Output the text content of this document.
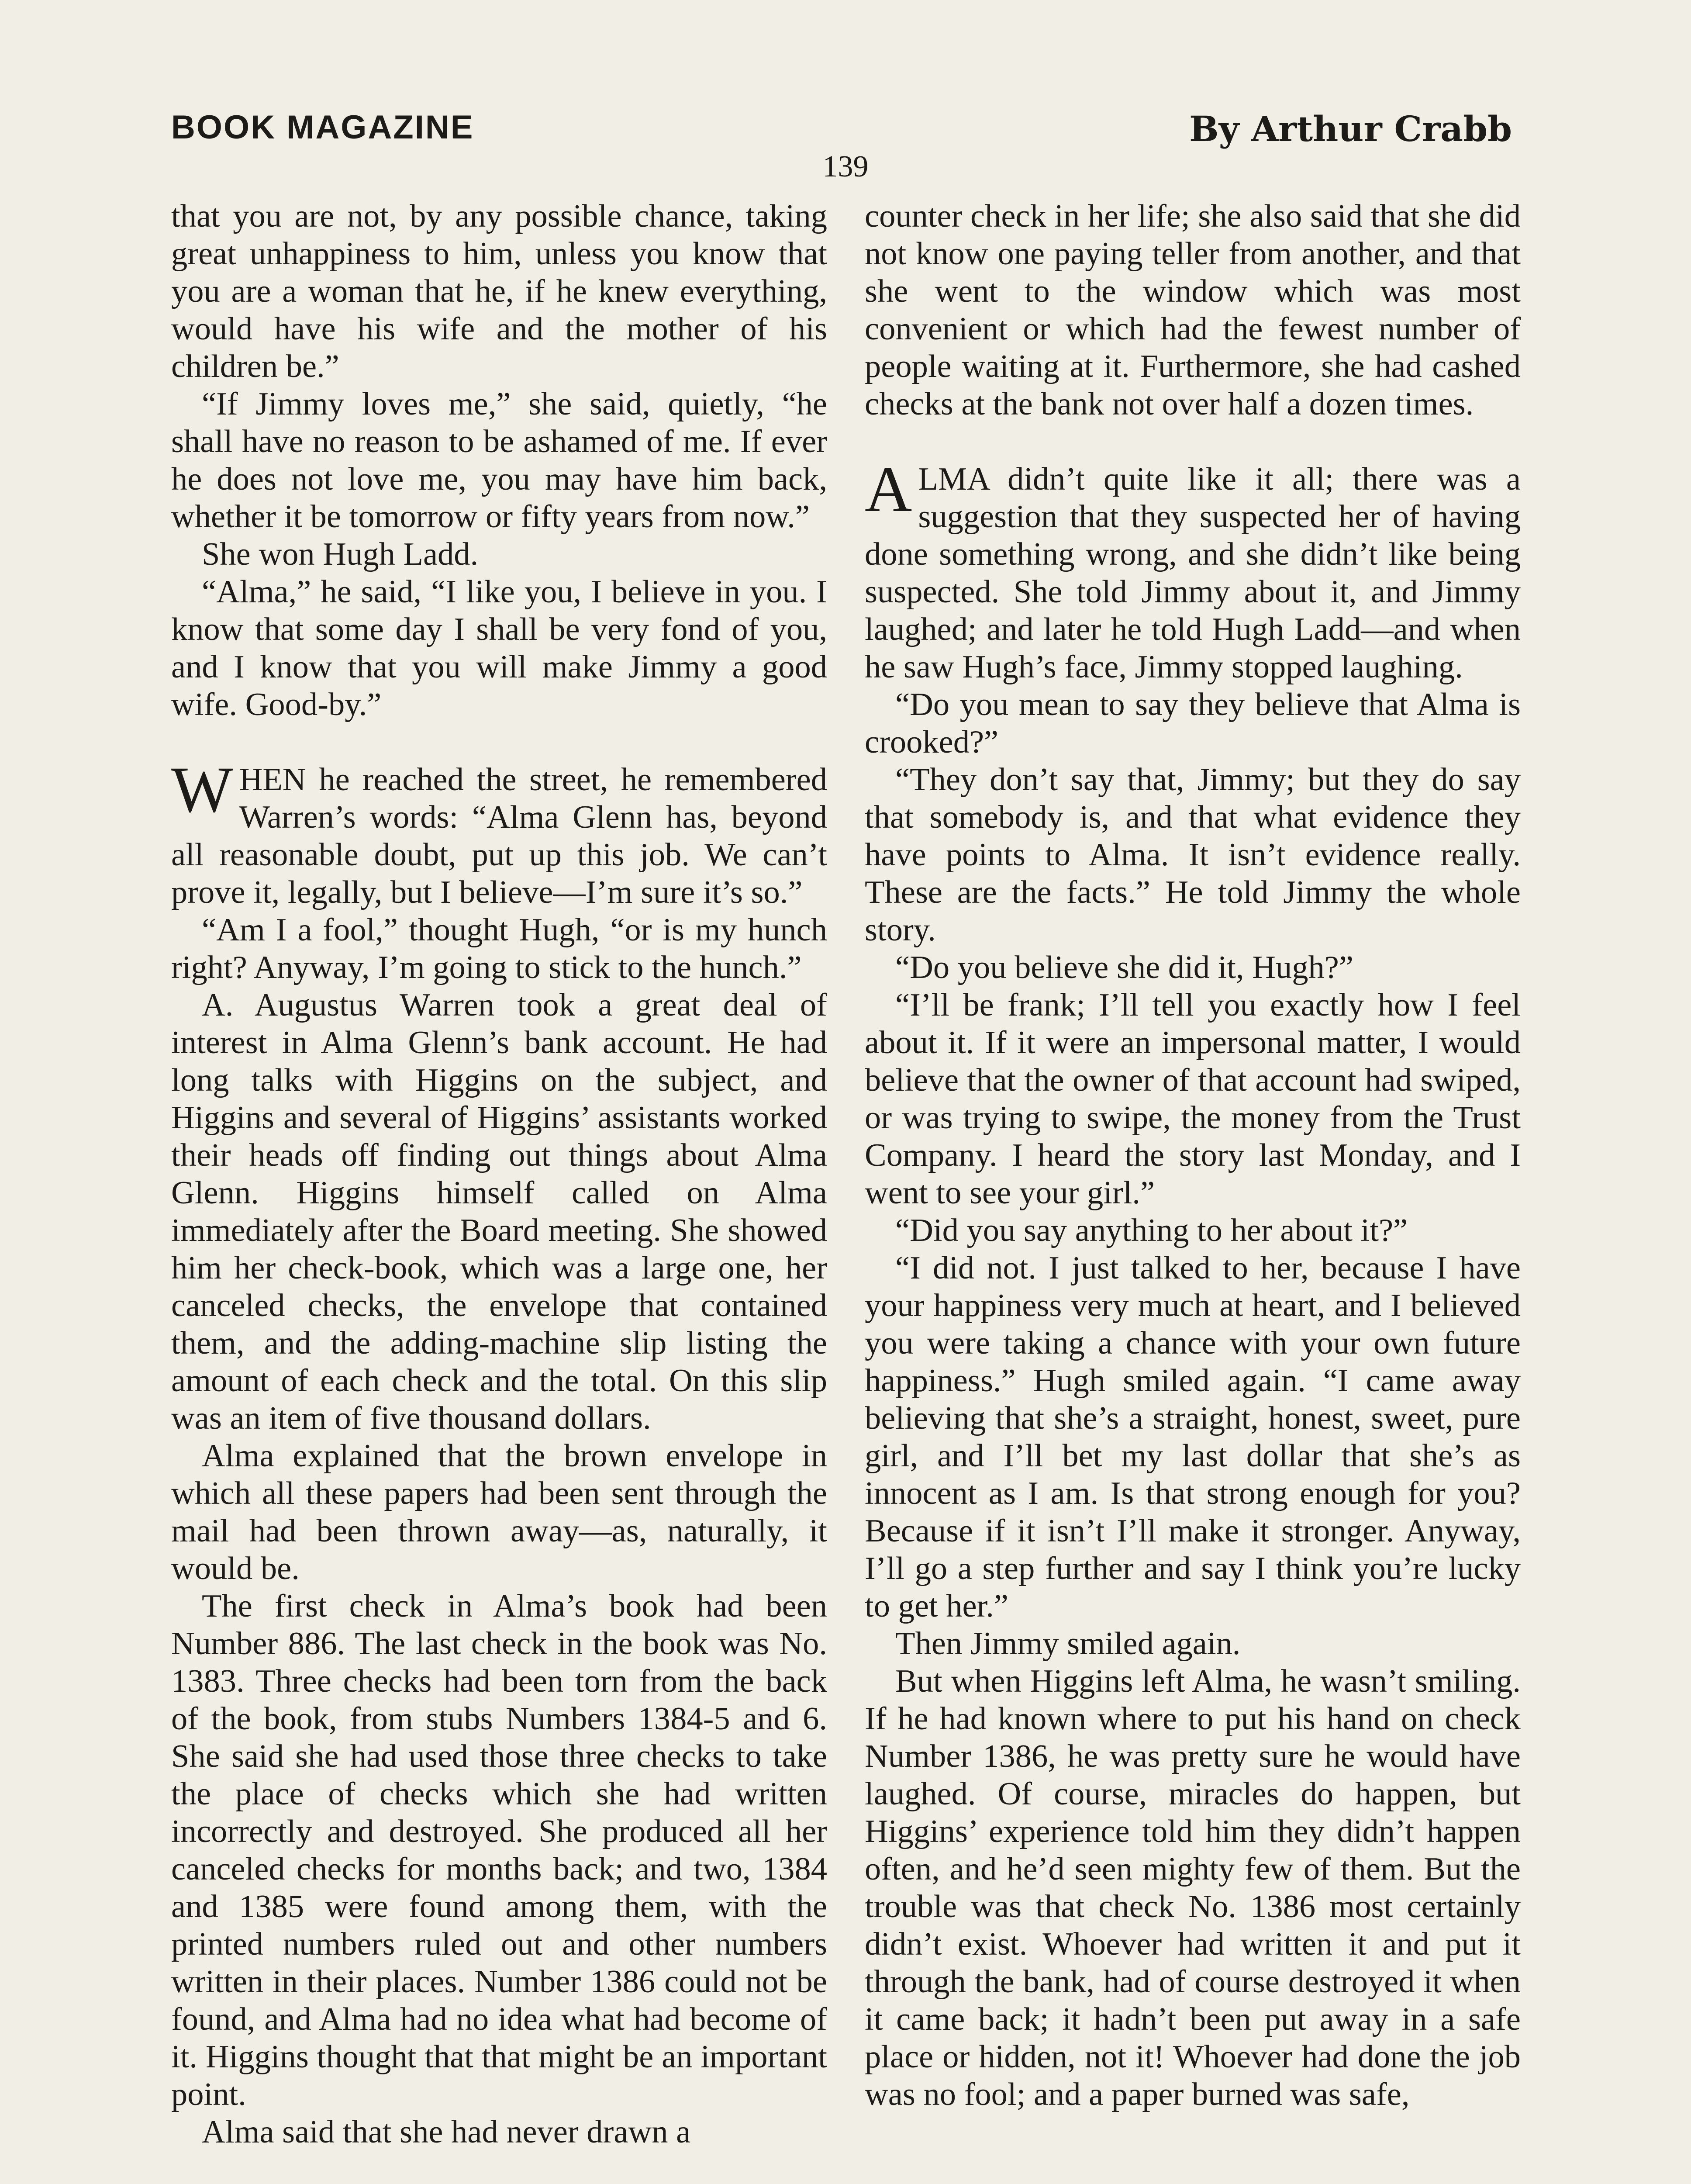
BOOK MAGAZINE	By Arthur Crabb
139

that you are not, by any possible chance, taking great unhappiness to him, unless you know that you are a woman that he, if he knew everything, would have his wife and the mother of his children be.”

“If Jimmy loves me,” she said, quietly, “he shall have no reason to be ashamed of me. If ever he does not love me, you may have him back, whether it be tomorrow or fifty years from now.”

She won Hugh Ladd.

“Alma,” he said, “I like you, I believe in you. I know that some day I shall be very fond of you, and I know that you will make Jimmy a good wife. Good-by.”

WHEN he reached the street, he remembered Warren’s words: “Alma Glenn has, beyond all reasonable doubt, put up this job. We can’t prove it, legally, but I believe—I’m sure it’s so.”

“Am I a fool,” thought Hugh, “or is my hunch right? Anyway, I’m going to stick to the hunch.”

A. Augustus Warren took a great deal of interest in Alma Glenn’s bank account. He had long talks with Higgins on the subject, and Higgins and several of Higgins’ assistants worked their heads off finding out things about Alma Glenn. Higgins himself called on Alma immediately after the Board meeting. She showed him her check-book, which was a large one, her canceled checks, the envelope that contained them, and the adding-machine slip listing the amount of each check and the total. On this slip was an item of five thousand dollars.

Alma explained that the brown envelope in which all these papers had been sent through the mail had been thrown away—as, naturally, it would be.

The first check in Alma’s book had been Number 886. The last check in the book was No. 1383. Three checks had been torn from the back of the book, from stubs Numbers 1384-5 and 6. She said she had used those three checks to take the place of checks which she had written incorrectly and destroyed. She produced all her canceled checks for months back; and two, 1384 and 1385 were found among them, with the printed numbers ruled out and other numbers written in their places. Number 1386 could not be found, and Alma had no idea what had become of it. Higgins thought that that might be an important point.

Alma said that she had never drawn a

counter check in her life; she also said that she did not know one paying teller from another, and that she went to the window which was most convenient or which had the fewest number of people waiting at it. Furthermore, she had cashed checks at the bank not over half a dozen times.

ALMA didn’t quite like it all; there was a suggestion that they suspected her of having done something wrong, and she didn’t like being suspected. She told Jimmy about it, and Jimmy laughed; and later he told Hugh Ladd—and when he saw Hugh’s face, Jimmy stopped laughing.

“Do you mean to say they believe that Alma is crooked?”

“They don’t say that, Jimmy; but they do say that somebody is, and that what evidence they have points to Alma. It isn’t evidence really. These are the facts.” He told Jimmy the whole story.

“Do you believe she did it, Hugh?”

“I’ll be frank; I’ll tell you exactly how I feel about it. If it were an impersonal matter, I would believe that the owner of that account had swiped, or was trying to swipe, the money from the Trust Company. I heard the story last Monday, and I went to see your girl.”

“Did you say anything to her about it?”

“I did not. I just talked to her, because I have your happiness very much at heart, and I believed you were taking a chance with your own future happiness.” Hugh smiled again. “I came away believing that she’s a straight, honest, sweet, pure girl, and I’ll bet my last dollar that she’s as innocent as I am. Is that strong enough for you? Because if it isn’t I’ll make it stronger. Anyway, I’ll go a step further and say I think you’re lucky to get her.”

Then Jimmy smiled again.

But when Higgins left Alma, he wasn’t smiling. If he had known where to put his hand on check Number 1386, he was pretty sure he would have laughed. Of course, miracles do happen, but Higgins’ experience told him they didn’t happen often, and he’d seen mighty few of them. But the trouble was that check No. 1386 most certainly didn’t exist. Whoever had written it and put it through the bank, had of course destroyed it when it came back; it hadn’t been put away in a safe place or hidden, not it! Whoever had done the job was no fool; and a paper burned was safe,
